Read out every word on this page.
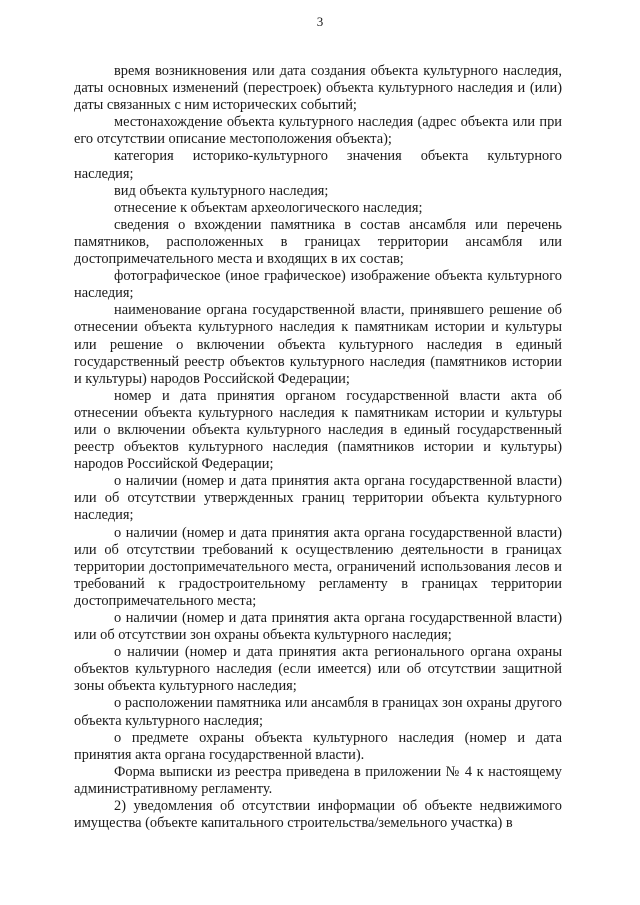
3

время возникновения или дата создания объекта культурного наследия, даты основных изменений (перестроек) объекта культурного наследия и (или) даты связанных с ним исторических событий;

местонахождение объекта культурного наследия (адрес объекта или при его отсутствии описание местоположения объекта);

категория историко-культурного значения объекта культурного наследия;

вид объекта культурного наследия;

отнесение к объектам археологического наследия;

сведения о вхождении памятника в состав ансамбля или перечень памятников, расположенных в границах территории ансамбля или достопримечательного места и входящих в их состав;

фотографическое (иное графическое) изображение объекта культурного наследия;

наименование органа государственной власти, принявшего решение об отнесении объекта культурного наследия к памятникам истории и культуры или решение о включении объекта культурного наследия в единый государственный реестр объектов культурного наследия (памятников истории и культуры) народов Российской Федерации;

номер и дата принятия органом государственной власти акта об отнесении объекта культурного наследия к памятникам истории и культуры или о включении объекта культурного наследия в единый государственный реестр объектов культурного наследия (памятников истории и культуры) народов Российской Федерации;

о наличии (номер и дата принятия акта органа государственной власти) или об отсутствии утвержденных границ территории объекта культурного наследия;

о наличии (номер и дата принятия акта органа государственной власти) или об отсутствии требований к осуществлению деятельности в границах территории достопримечательного места, ограничений использования лесов и требований к градостроительному регламенту в границах территории достопримечательного места;

о наличии (номер и дата принятия акта органа государственной власти) или об отсутствии зон охраны объекта культурного наследия;

о наличии (номер и дата принятия акта регионального органа охраны объектов культурного наследия (если имеется) или об отсутствии защитной зоны объекта культурного наследия;

о расположении памятника или ансамбля в границах зон охраны другого объекта культурного наследия;

о предмете охраны объекта культурного наследия (номер и дата принятия акта органа государственной власти).

Форма выписки из реестра приведена в приложении № 4 к настоящему административному регламенту.

2) уведомления об отсутствии информации об объекте недвижимого имущества (объекте капитального строительства/земельного участка) в
